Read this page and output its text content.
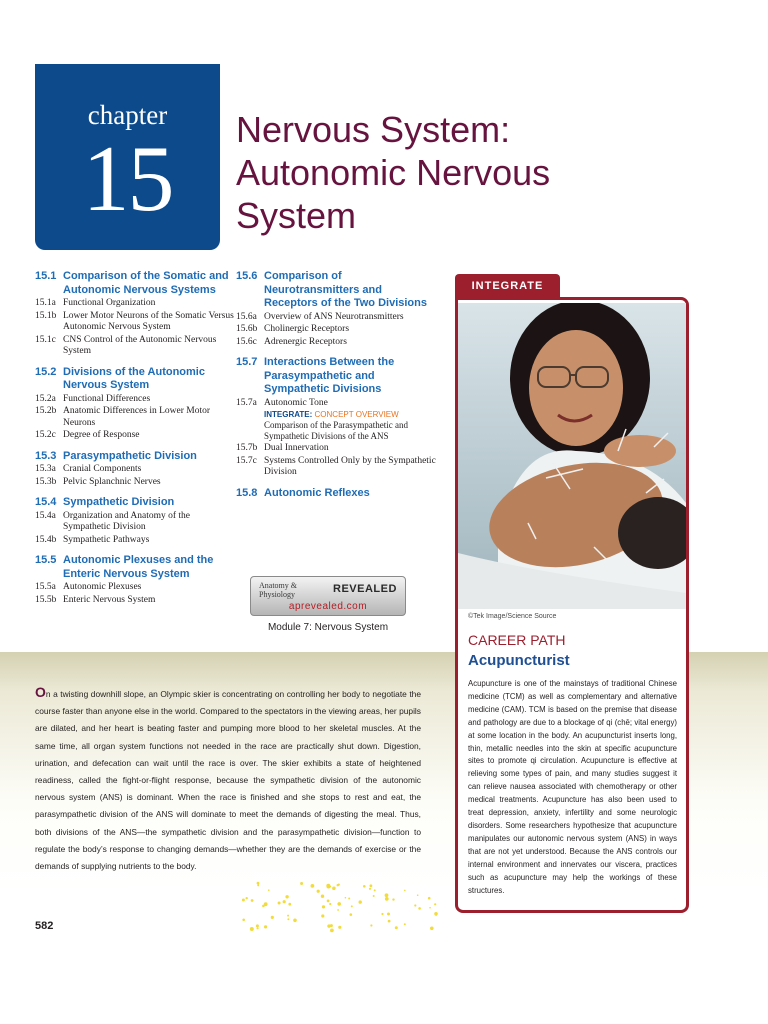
chapter
15	Nervous System:
Autonomic Nervous
System
15.1 Comparison of the Somatic and Autonomic Nervous Systems
15.1a Functional Organization
15.1b Lower Motor Neurons of the Somatic Versus Autonomic Nervous System
15.1c CNS Control of the Autonomic Nervous System
15.2 Divisions of the Autonomic Nervous System
15.2a Functional Differences
15.2b Anatomic Differences in Lower Motor Neurons
15.2c Degree of Response
15.3 Parasympathetic Division
15.3a Cranial Components
15.3b Pelvic Splanchnic Nerves
15.4 Sympathetic Division
15.4a Organization and Anatomy of the Sympathetic Division
15.4b Sympathetic Pathways
15.5 Autonomic Plexuses and the Enteric Nervous System
15.5a Autonomic Plexuses
15.5b Enteric Nervous System
15.6 Comparison of Neurotransmitters and Receptors of the Two Divisions
15.6a Overview of ANS Neurotransmitters
15.6b Cholinergic Receptors
15.6c Adrenergic Receptors
15.7 Interactions Between the Parasympathetic and Sympathetic Divisions
15.7a Autonomic Tone
INTEGRATE: CONCEPT OVERVIEW
Comparison of the Parasympathetic and Sympathetic Divisions of the ANS
15.7b Dual Innervation
15.7c Systems Controlled Only by the Sympathetic Division
15.8 Autonomic Reflexes
Anatomy &
Physiology	REVEALED
aprevealed.com
Module 7: Nervous System

On a twisting downhill slope, an Olympic skier is concentrating on controlling her body to negotiate the course faster than anyone else in the world. Compared to the spectators in the viewing areas, her pupils are dilated, and her heart is beating faster and pumping more blood to her skeletal muscles. At the same time, all organ system functions not needed in the race are practically shut down. Digestion, urination, and defecation can wait until the race is over. The skier exhibits a state of heightened readiness, called the fight-or-flight response, because the sympathetic division of the autonomic nervous system (ANS) is dominant. When the race is finished and she stops to rest and eat, the parasympathetic division of the ANS will dominate to meet the demands of digesting the meal. Thus, both divisions of the ANS—the sympathetic division and the parasympathetic division—function to regulate the body’s response to changing demands—whether they are the demands of exercise or the demands of supplying nutrients to the body.

582
INTEGRATE
©Tek Image/Science Source
CAREER PATH
Acupuncturist

Acupuncture is one of the mainstays of traditional Chinese medicine (TCM) as well as complementary and alternative medicine (CAM). TCM is based on the premise that disease and pathology are due to a blockage of qi (chē; vital energy) at some location in the body. An acupuncturist inserts long, thin, metallic needles into the skin at specific acupuncture sites to promote qi circulation. Acupuncture is effective at relieving some types of pain, and many studies suggest it can relieve nausea associated with chemotherapy or other medical treatments. Acupuncture has also been used to treat depression, anxiety, infertility and some neurologic disorders. Some researchers hypothesize that acupuncture manipulates our autonomic nervous system (ANS) in ways that are not yet understood. Because the ANS controls our internal environment and innervates our viscera, practices such as acupuncture may help the workings of these structures.
